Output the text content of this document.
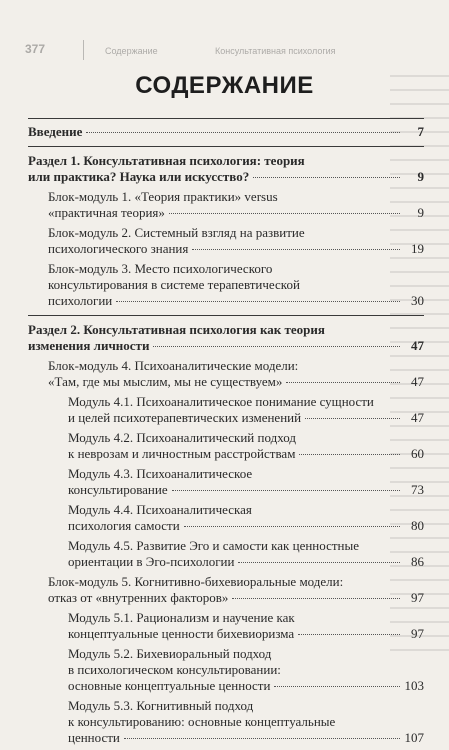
377	Содержание	Консультативная психология
СОДЕРЖАНИЕ
Введение	7
Раздел 1. Консультативная психология: теория
или практика? Наука или искусство?	9
Блок-модуль 1. «Теория практики» versus
«практичная теория»	9
Блок-модуль 2. Системный взгляд на развитие
психологического знания	19
Блок-модуль 3. Место психологического
консультирования в системе терапевтической
психологии	30
Раздел 2. Консультативная психология как теория
изменения личности	47
Блок-модуль 4. Психоаналитические модели:
«Там, где мы мыслим, мы не существуем»	47
Модуль 4.1. Психоаналитическое понимание сущности
и целей психотерапевтических изменений	47
Модуль 4.2. Психоаналитический подход
к неврозам и личностным расстройствам	60
Модуль 4.3. Психоаналитическое
консультирование	73
Модуль 4.4. Психоаналитическая
психология самости	80
Модуль 4.5. Развитие Эго и самости как ценностные
ориентации в Эго-психологии	86
Блок-модуль 5. Когнитивно-бихевиоральные модели:
отказ от «внутренних факторов»	97
Модуль 5.1. Рационализм и научение как
концептуальные ценности бихевиоризма	97
Модуль 5.2. Бихевиоральный подход
в психологическом консультировании:
основные концептуальные ценности	103
Модуль 5.3. Когнитивный подход
к консультированию: основные концептуальные
ценности	107
